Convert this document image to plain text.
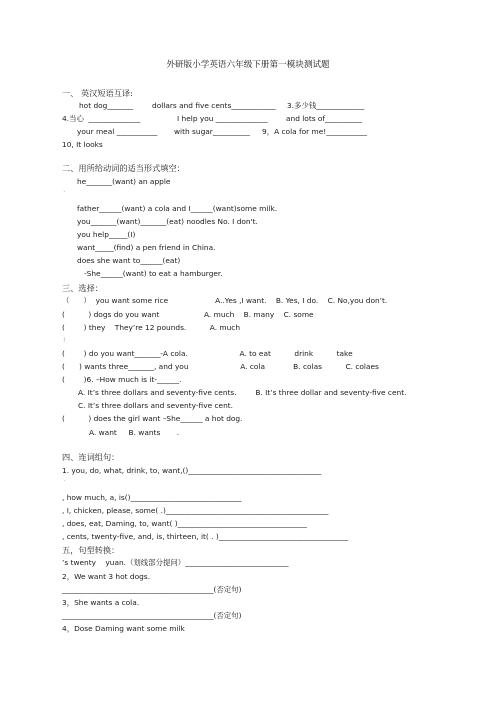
外研版小学英语六年级下册第一模块测试题
一、 英汉短语互译:
hot dog_______	dollars and five cents____________ 3.多少钱_____________
4.当心  ______________	I help you ______________ and lots of__________
your meal ___________ with sugar__________ 9，A cola for me!___________
10, It looks
二、用所给动词的适当形式填空：
he_______(want) an apple
`
father______(want) a cola and I______(want)some milk.
you_______(want)_______(eat) noodles No. I don't.
you help_____(I)
want_____(find) a pen friend in China.
does she want to______(eat)
-She______(want) to eat a hamburger.
三、选择：
（      ）  you want some rice                    A..Yes ,I want.    B. Yes, I do.    C. No,you don’t.
(          ) dogs do you want                   A. much    B. many    C. some
(        ) they    They’re 12 pounds.          A. much
!
(        ) do you want_______-A cola.                      A. to eat          drink          take
(      ) wants three_______, and you                      A. cola            B. colas          C. colaes
(        )6. –How much is it-______.
A. It’s three dollars and seventy-five cents.        B. It’s three dollar and seventy-five cent.
C. It’s three dollars and seventy-five cent.
(          ) does the girl want –She______ a hot dog.
A. want     B. wants       .
四、连词组句：
1. you, do, what, drink, to, want,()____________________________________
`
, how much, a, is()______________________________
, I, chicken, please, some( .)____________________________________________
, does, eat, Daming, to, want( )___________________________________
, cents, twenty-five, and, is, thirteen, it( . )___________________________________
五，句型转换：
’s twenty    yuan.（划线部分提问）____________________________
2，We want 3 hot dogs.
_________________________________________(否定句)
3，She wants a cola.
_________________________________________(否定句)
4，Dose Daming want some milk
